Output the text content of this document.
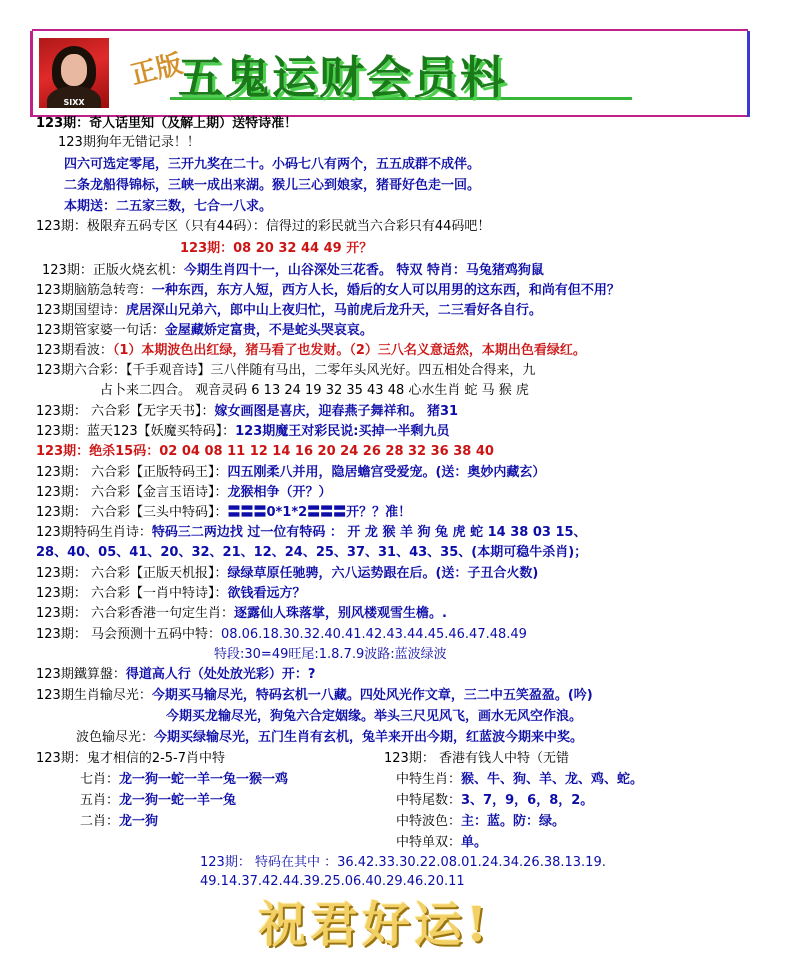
SIXX
正版
五鬼运财会员料
123期：奇人话里知（及解上期）送特诗准！
123期狗年无错记录！！
四六可选定零尾，三开九奖在二十。小码七八有两个，五五成群不成伴。
二条龙船得锦标，三峡一成出来湖。猴儿三心到娘家，猪哥好色走一回。
本期送：二五家三数，七合一八求。
123期：极限弃五码专区（只有44码）：信得过的彩民就当六合彩只有44码吧！
123期：08 20 32 44 49 开？
123期：正版火烧玄机：今期生肖四十一，山谷深处三花香。 特双 特肖：马兔猪鸡狗鼠
123期脑筋急转弯：一种东西，东方人短，西方人长，婚后的女人可以用男的这东西，和尚有但不用？
123期国望诗：虎居深山兄弟六，郎中山上夜归忙，马前虎后龙升天，二三看好各自行。
123期管家婆一句话：金屋藏娇定富贵，不是蛇头哭哀哀。
123期看波：（1）本期波色出红绿，猪马看了也发财。（2）三八名义意适然，本期出色看绿红。
123期六合彩：【千手观音诗】三八伴随有马出，二零年头风光好。四五相处合得来，九
占卜来二四合。 观音灵码 6 13 24 19 32 35 43 48 心水生肖 蛇 马 猴 虎
123期： 六合彩【无字天书】：嫁女画图是喜庆，迎春燕子舞祥和。 猪31
123期：蓝天123【妖魔买特码】：123期魔王对彩民说:买掉一半剩九员
123期：绝杀15码：02 04 08 11 12 14 16 20 24 26 28 32 36 38 40
123期： 六合彩【正版特码王】：四五刚柔八并用，隐居蟾宫受爱宠。(送：奥妙内藏玄）
123期： 六合彩【金言玉语诗】：龙猴相争（开？）
123期： 六合彩【三头中特码】：〓〓〓0*1*2〓〓〓开？？准！
123期特码生肖诗：特码三二两边找 过一位有特码 ： 开 龙 猴 羊 狗 兔 虎 蛇 14 38 03 15、
28、40、05、41、20、32、21、12、24、25、37、31、43、35、(本期可稳牛杀肖)；
123期： 六合彩【正版天机报】：绿绿草原任驰骋，六八运势跟在后。(送：子丑合火数)
123期： 六合彩【一肖中特诗】：欲钱看远方？
123期： 六合彩香港一句定生肖：逐露仙人珠落掌，别风楼观雪生檐。.
123期： 马会预测十五码中特：08.06.18.30.32.40.41.42.43.44.45.46.47.48.49
特段:30=49旺尾:1.8.7.9波路:蓝波绿波
123期鐵算盤：得道高人行（处处放光彩）开：?
123期生肖输尽光：今期买马输尽光，特码玄机一八藏。四处风光作文章，三二中五笑盈盈。(吟)
今期买龙输尽光，狗兔六合定姻缘。举头三尺见风飞，画水无风空作浪。
波色输尽光：今期买绿输尽光，五门生肖有玄机，兔羊来开出今期，红蓝波今期来中奖。
123期：鬼才相信的2-5-7肖中特
七肖：龙一狗一蛇一羊一兔一猴一鸡
五肖：龙一狗一蛇一羊一兔
二肖：龙一狗
123期： 香港有钱人中特（无错
中特生肖：猴、牛、狗、羊、龙、鸡、蛇。
中特尾数：3、7，9，6，8，2。
中特波色：主：蓝。防：绿。
中特单双：单。
123期： 特码在其中 ：36.42.33.30.22.08.01.24.34.26.38.13.19.
49.14.37.42.44.39.25.06.40.29.46.20.11
祝君好运!
